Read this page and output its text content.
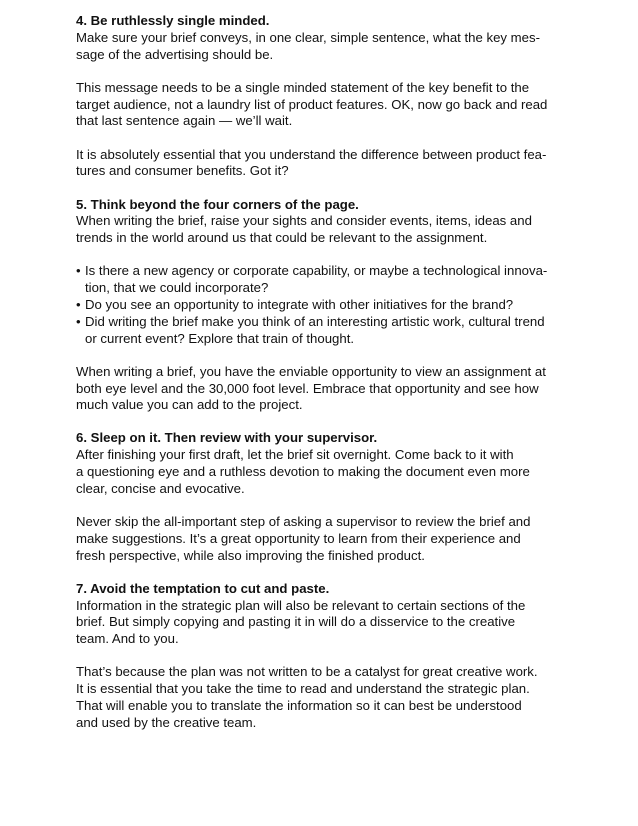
4. Be ruthlessly single minded.
Make sure your brief conveys, in one clear, simple sentence, what the key mes-
sage of the advertising should be.
This message needs to be a single minded statement of the key benefit to the
target audience, not a laundry list of product features. OK, now go back and read
that last sentence again — we’ll wait.
It is absolutely essential that you understand the difference between product fea-
tures and consumer benefits. Got it?
5. Think beyond the four corners of the page.
When writing the brief, raise your sights and consider events, items, ideas and
trends in the world around us that could be relevant to the assignment.
• Is there a new agency or corporate capability, or maybe a technological innova-
tion, that we could incorporate?
• Do you see an opportunity to integrate with other initiatives for the brand?
• Did writing the brief make you think of an interesting artistic work, cultural trend
or current event? Explore that train of thought.
When writing a brief, you have the enviable opportunity to view an assignment at
both eye level and the 30,000 foot level. Embrace that opportunity and see how
much value you can add to the project.
6. Sleep on it. Then review with your supervisor.
After finishing your first draft, let the brief sit overnight. Come back to it with
a questioning eye and a ruthless devotion to making the document even more
clear, concise and evocative.
Never skip the all-important step of asking a supervisor to review the brief and
make suggestions. It’s a great opportunity to learn from their experience and
fresh perspective, while also improving the finished product.
7. Avoid the temptation to cut and paste.
Information in the strategic plan will also be relevant to certain sections of the
brief. But simply copying and pasting it in will do a disservice to the creative
team. And to you.
That’s because the plan was not written to be a catalyst for great creative work.
It is essential that you take the time to read and understand the strategic plan.
That will enable you to translate the information so it can best be understood
and used by the creative team.
